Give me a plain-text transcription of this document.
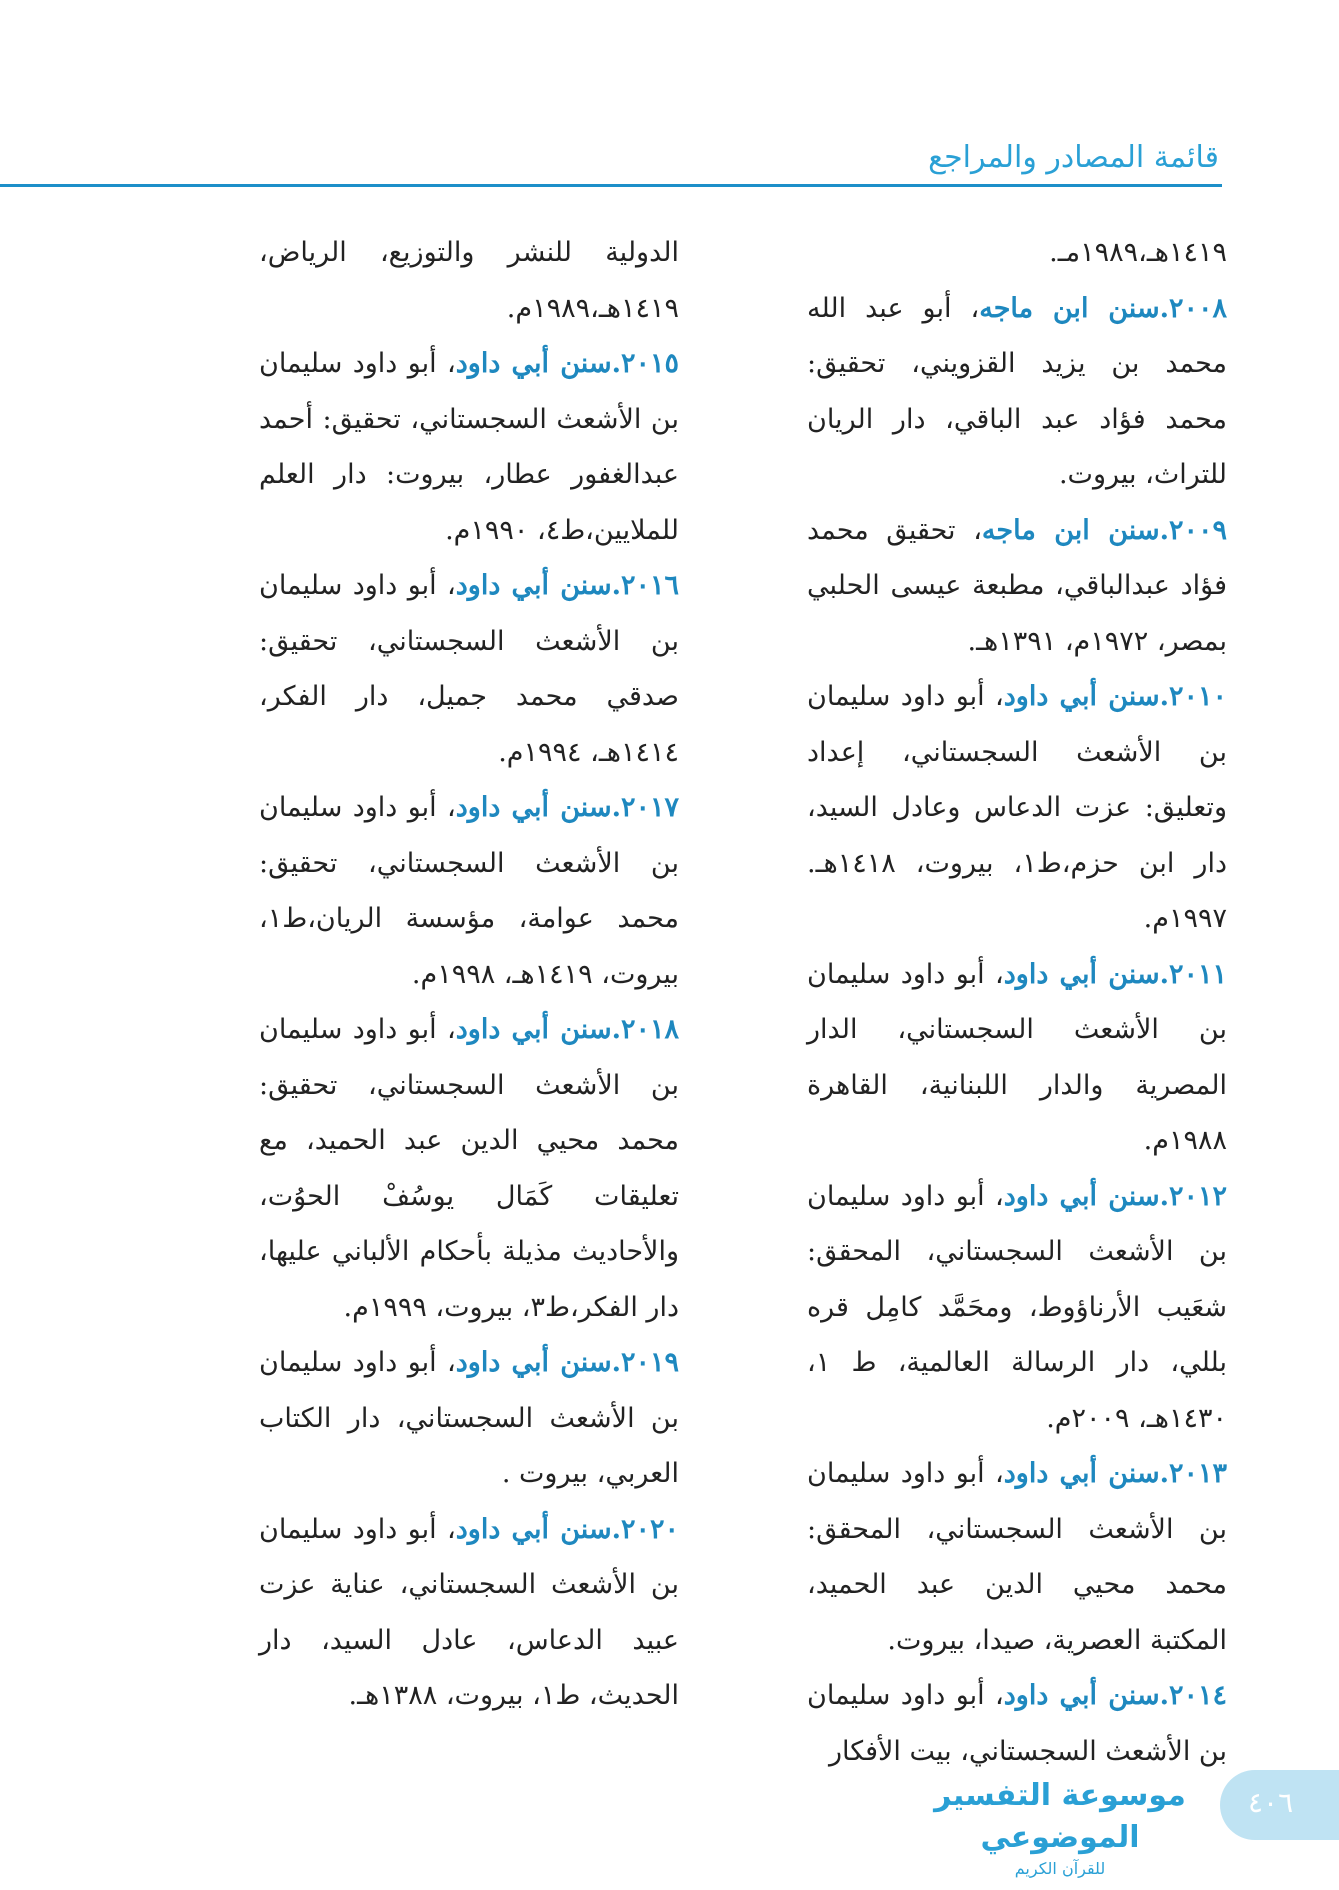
قائمة المصادر والمراجع

١٤١٩هـ،١٩٨٩مـ.

٢٠٠٨.سنن ابن ماجه، أبو عبد الله محمد بن يزيد القزويني، تحقيق: محمد فؤاد عبد الباقي، دار الريان للتراث، بيروت.

٢٠٠٩.سنن ابن ماجه، تحقيق محمد فؤاد عبدالباقي، مطبعة عيسى الحلبي بمصر، ١٩٧٢م، ١٣٩١هـ.

٢٠١٠.سنن أبي داود، أبو داود سليمان بن الأشعث السجستاني، إعداد وتعليق: عزت الدعاس وعادل السيد، دار ابن حزم،ط١، بيروت، ١٤١٨هـ. ١٩٩٧م.

٢٠١١.سنن أبي داود، أبو داود سليمان بن الأشعث السجستاني، الدار المصرية والدار اللبنانية، القاهرة ١٩٨٨م.

٢٠١٢.سنن أبي داود، أبو داود سليمان بن الأشعث السجستاني، المحقق: شعَيب الأرناؤوط، ومحَمَّد كامِل قره بللي، دار الرسالة العالمية، ط ١، ١٤٣٠هـ، ٢٠٠٩م.

٢٠١٣.سنن أبي داود، أبو داود سليمان بن الأشعث السجستاني، المحقق: محمد محيي الدين عبد الحميد، المكتبة العصرية، صيدا، بيروت.

٢٠١٤.سنن أبي داود، أبو داود سليمان بن الأشعث السجستاني، بيت الأفكار

الدولية للنشر والتوزيع، الرياض، ١٤١٩هـ،١٩٨٩م.

٢٠١٥.سنن أبي داود، أبو داود سليمان بن الأشعث السجستاني، تحقيق: أحمد عبدالغفور عطار، بيروت: دار العلم للملايين،ط٤، ١٩٩٠م.

٢٠١٦.سنن أبي داود، أبو داود سليمان بن الأشعث السجستاني، تحقيق: صدقي محمد جميل، دار الفكر، ١٤١٤هـ، ١٩٩٤م.

٢٠١٧.سنن أبي داود، أبو داود سليمان بن الأشعث السجستاني، تحقيق: محمد عوامة، مؤسسة الريان،ط١، بيروت، ١٤١٩هـ، ١٩٩٨م.

٢٠١٨.سنن أبي داود، أبو داود سليمان بن الأشعث السجستاني، تحقيق: محمد محيي الدين عبد الحميد، مع تعليقات كَمَال يوسُفْ الحوُت، والأحاديث مذيلة بأحكام الألباني عليها، دار الفكر،ط٣، بيروت، ١٩٩٩م.

٢٠١٩.سنن أبي داود، أبو داود سليمان بن الأشعث السجستاني، دار الكتاب العربي، بيروت .

٢٠٢٠.سنن أبي داود، أبو داود سليمان بن الأشعث السجستاني، عناية عزت عبيد الدعاس، عادل السيد، دار الحديث، ط١، بيروت، ١٣٨٨هـ.

موسوعة التفسير الموضوعي
للقرآن الكريم
٤٠٦
